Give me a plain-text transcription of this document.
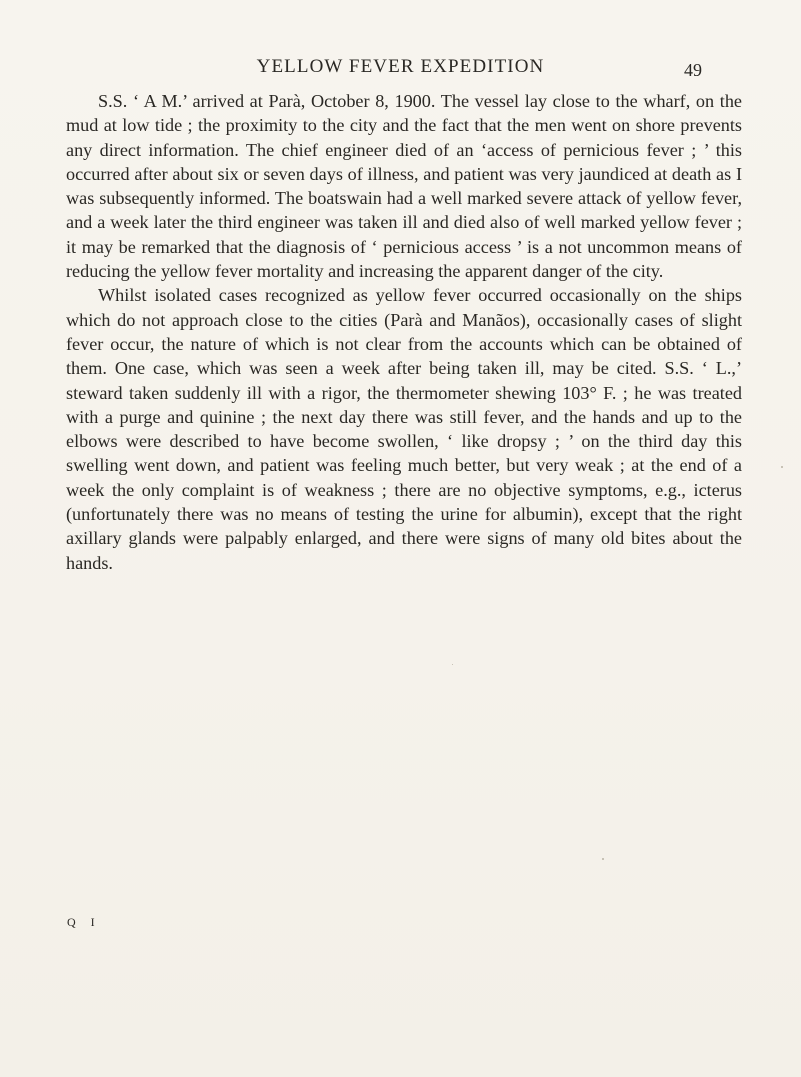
YELLOW FEVER EXPEDITION	49

S.S. ‘ A M.’ arrived at Parà, October 8, 1900. The vessel lay close to the wharf, on the mud at low tide ; the proximity to the city and the fact that the men went on shore prevents any direct information. The chief engineer died of an ‘access of pernicious fever ; ’ this occurred after about six or seven days of illness, and patient was very jaundiced at death as I was subsequently informed. The boatswain had a well marked severe attack of yellow fever, and a week later the third engineer was taken ill and died also of well marked yellow fever ; it may be remarked that the diagnosis of ‘ pernicious access ’ is a not uncommon means of reducing the yellow fever mortality and increasing the apparent danger of the city.

Whilst isolated cases recognized as yellow fever occurred occasionally on the ships which do not approach close to the cities (Parà and Manãos), occasionally cases of slight fever occur, the nature of which is not clear from the accounts which can be obtained of them. One case, which was seen a week after being taken ill, may be cited. S.S. ‘ L.,’ steward taken suddenly ill with a rigor, the thermometer shewing 103° F. ; he was treated with a purge and quinine ; the next day there was still fever, and the hands and up to the elbows were described to have become swollen, ‘ like dropsy ; ’ on the third day this swelling went down, and patient was feeling much better, but very weak ; at the end of a week the only complaint is of weakness ; there are no objective symptoms, e.g., icterus (unfortunately there was no means of testing the urine for albumin), except that the right axillary glands were palpably enlarged, and there were signs of many old bites about the hands.

Q I
